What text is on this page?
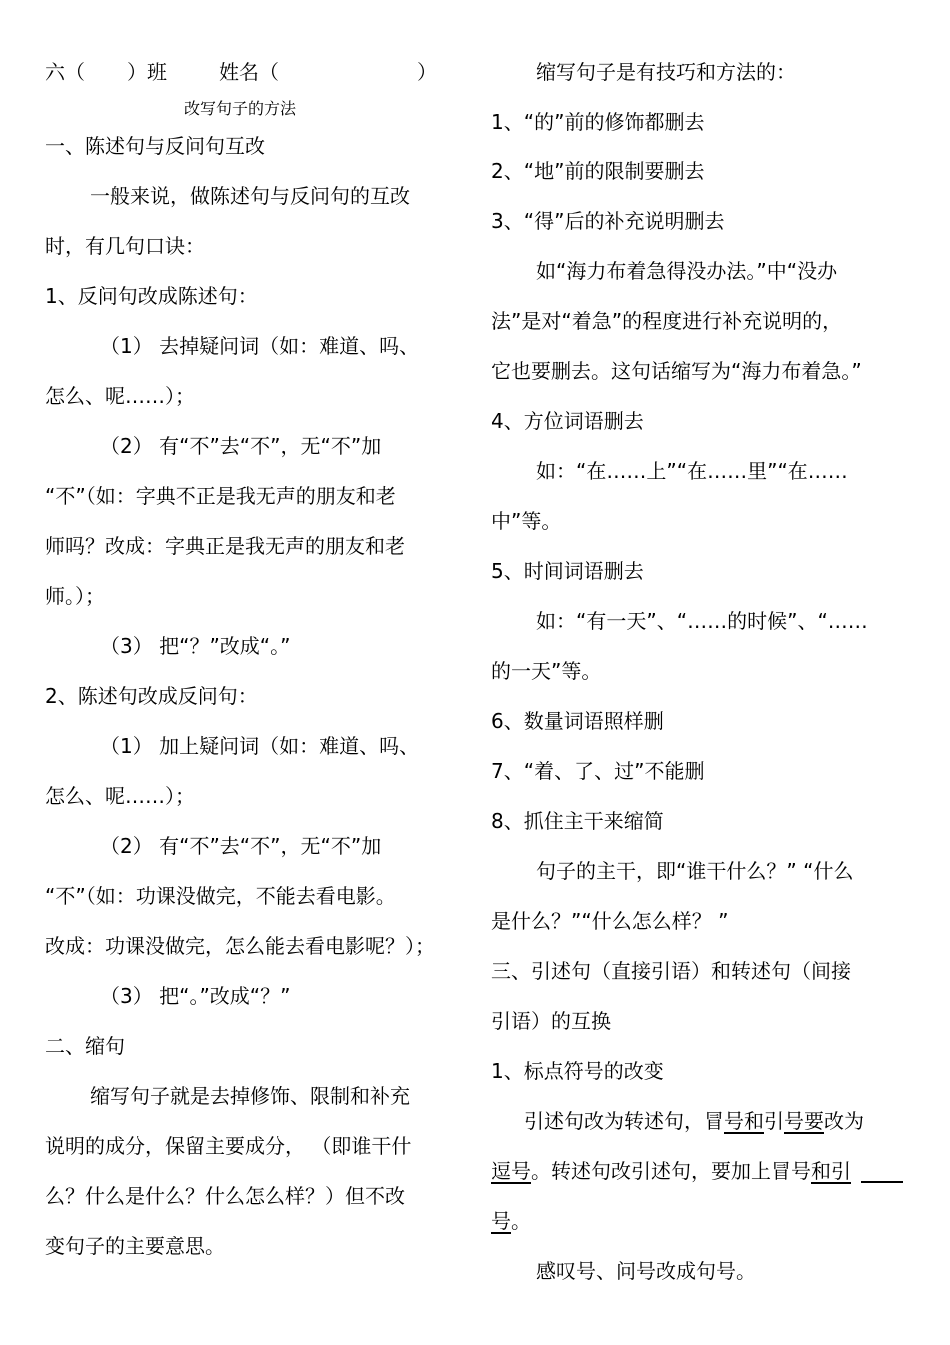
六（ ）班	姓名（	）
改写句子的方法
一、陈述句与反问句互改
一般来说，做陈述句与反问句的互改
时，有几句口诀：
1、反问句改成陈述句：
（1） 去掉疑问词（如：难道、吗、
怎么、呢……）；
（2） 有“不”去“不”，无“不”加
“不”（如：字典不正是我无声的朋友和老
师吗？改成：字典正是我无声的朋友和老
师。）；
（3） 把“？”改成“。”
2、陈述句改成反问句：
（1） 加上疑问词（如：难道、吗、
怎么、呢……）；
（2） 有“不”去“不”，无“不”加
“不”（如：功课没做完，不能去看电影。
改成：功课没做完，怎么能去看电影呢？）；
（3） 把“。”改成“？”
二、缩句
缩写句子就是去掉修饰、限制和补充
说明的成分，保留主要成分， （即谁干什
么？什么是什么？什么怎么样？）但不改
变句子的主要意思。
缩写句子是有技巧和方法的：
1、“的”前的修饰都删去
2、“地”前的限制要删去
3、“得”后的补充说明删去
如“海力布着急得没办法。”中“没办
法”是对“着急”的程度进行补充说明的，
它也要删去。这句话缩写为“海力布着急。”
4、方位词语删去
如：“在……上”“在……里”“在……
中”等。
5、时间词语删去
如：“有一天”、“……的时候”、“……
的一天”等。
6、数量词语照样删
7、“着、了、过”不能删
8、抓住主干来缩简
句子的主干，即“谁干什么？” “什么
是什么？”“什么怎么样？ ”
三、引述句（直接引语）和转述句（间接
引语）的互换
1、标点符号的改变
引述句改为转述句，冒号和引号要改为
逗号。转述句改引述句，要加上冒号和引
号。
感叹号、问号改成句号。
